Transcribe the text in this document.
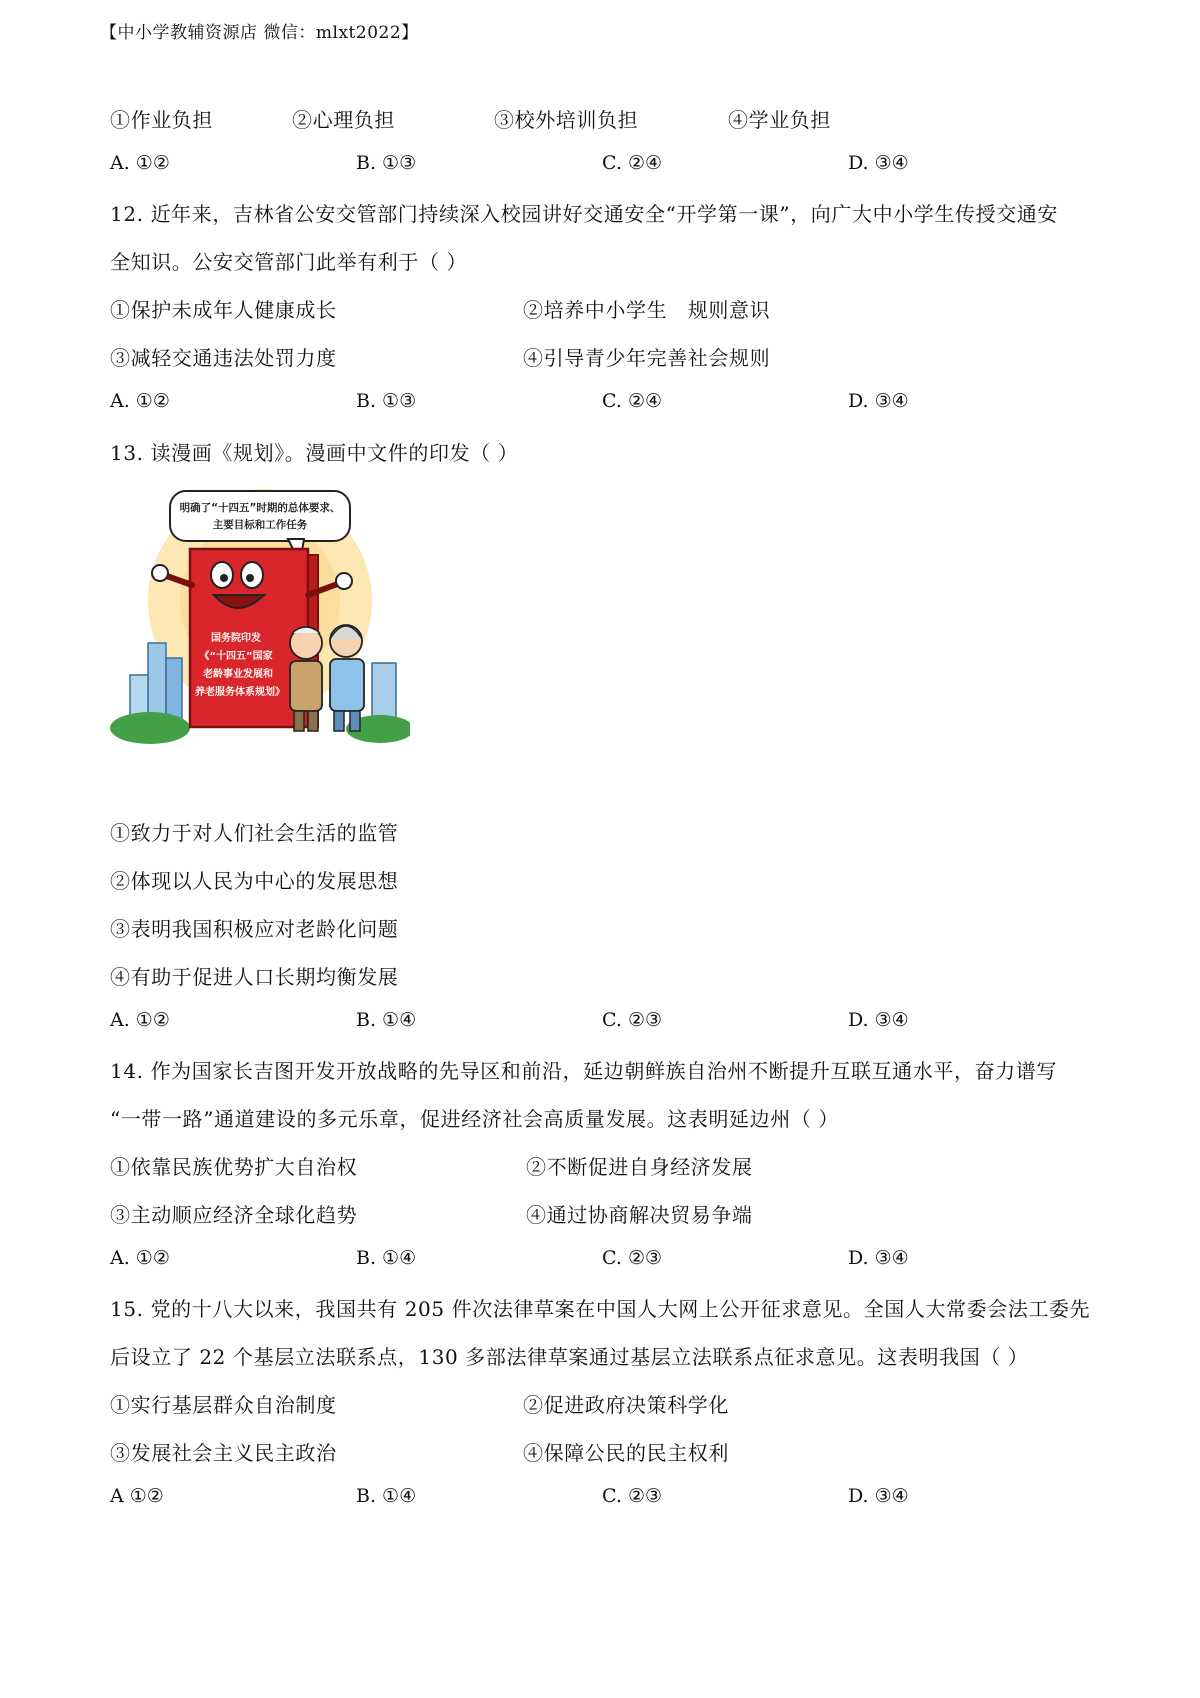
【中小学教辅资源店 微信：mlxt2022】
①作业负担	②心理负担	③校外培训负担	④学业负担
A. ①②	B. ①③	C. ②④	D. ③④
12. 近年来，吉林省公安交管部门持续深入校园讲好交通安全“开学第一课”，向广大中小学生传授交通安
全知识。公安交管部门此举有利于（ ）
①保护未成年人健康成长	②培养中小学生　规则意识
③减轻交通违法处罚力度	④引导青少年完善社会规则
A. ①②	B. ①③	C. ②④	D. ③④
13. 读漫画《规划》。漫画中文件的印发（ ）
明确了“十四五”时期的总体要求、
主要目标和工作任务
国务院印发
《“十四五”国家
老龄事业发展和
养老服务体系规划》
①致力于对人们社会生活的监管
②体现以人民为中心的发展思想
③表明我国积极应对老龄化问题
④有助于促进人口长期均衡发展
A. ①②	B. ①④	C. ②③	D. ③④
14. 作为国家长吉图开发开放战略的先导区和前沿，延边朝鲜族自治州不断提升互联互通水平，奋力谱写
“一带一路”通道建设的多元乐章，促进经济社会高质量发展。这表明延边州（ ）
①依靠民族优势扩大自治权	②不断促进自身经济发展
③主动顺应经济全球化趋势	④通过协商解决贸易争端
A. ①②	B. ①④	C. ②③	D. ③④
15. 党的十八大以来，我国共有 205 件次法律草案在中国人大网上公开征求意见。全国人大常委会法工委先
后设立了 22 个基层立法联系点，130 多部法律草案通过基层立法联系点征求意见。这表明我国（ ）
①实行基层群众自治制度	②促进政府决策科学化
③发展社会主义民主政治	④保障公民的民主权利
A ①②	B. ①④	C. ②③	D. ③④
